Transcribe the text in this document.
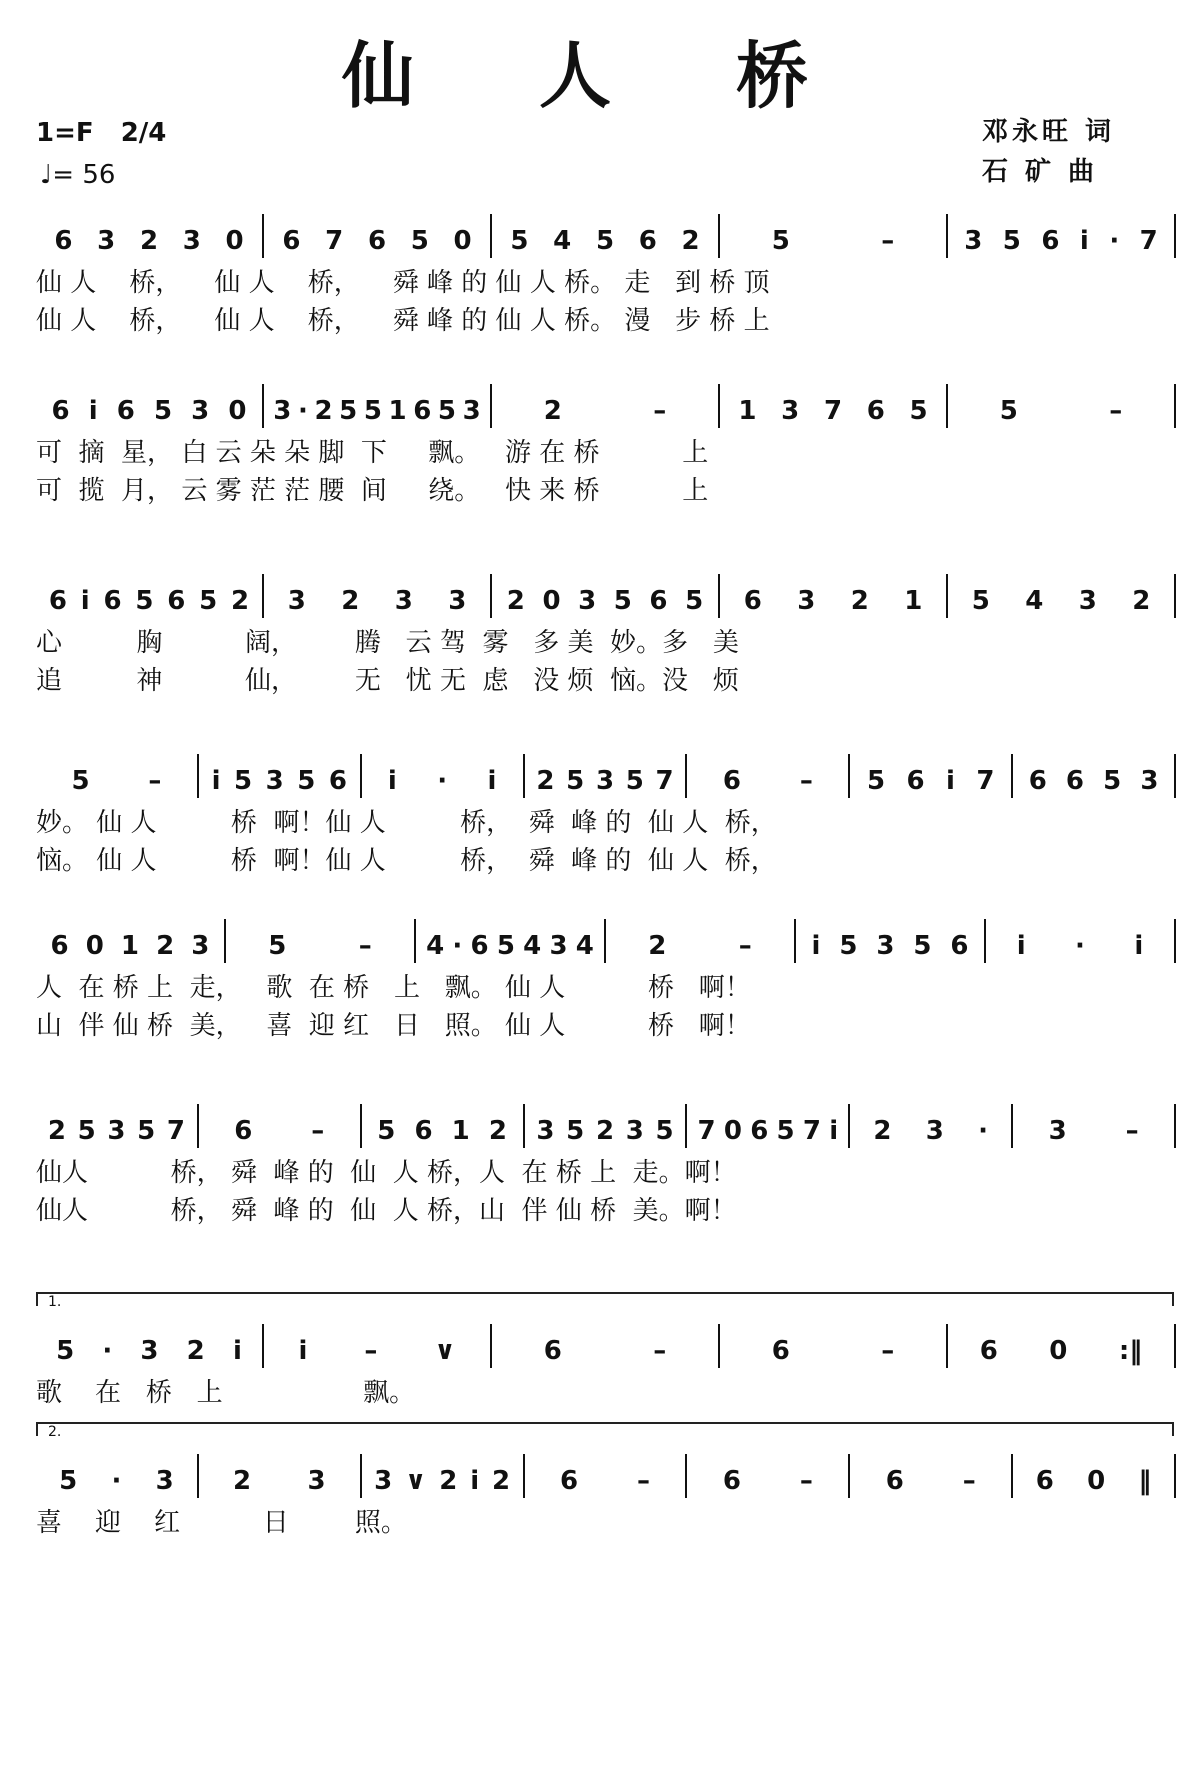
仙 人 桥
1=F 2/4
♩= 56
邓永旺 词
石 矿 曲
6 3 2 3 0 6 7 6 5 0 5 4 5 6 2	5	–	3 5 6 i · 7
仙 人    桥，    仙 人    桥，    舜 峰 的 仙 人 桥。 走   到 桥 顶
仙 人    桥，    仙 人    桥，    舜 峰 的 仙 人 桥。 漫   步 桥 上
6 i 6 5 3 0 3 · 2 5 5 1 6 5 3 2	–	1 3 7 6 5	5	–
可  摘  星， 白 云 朵 朵 脚  下     飘。   游 在 桥          上
可  揽  月， 云 雾 茫 茫 腰  间     绕。   快 来 桥          上
6 i 6 5 6 5 2 3 2 3 3 2 0 3 5 6 5 6 3 2 1 5 4 3 2
心         胸          阔，       腾   云 驾  雾   多 美  妙。多   美
追         神          仙，       无   忧 无  虑   没 烦  恼。没   烦
5 – i 5 3 5 6 i · i 2 5 3 5 7 6 – 5 6 i 7 6 6 5 3
妙。 仙 人         桥  啊！仙 人         桥，  舜  峰 的  仙 人  桥，
恼。 仙 人         桥  啊！仙 人         桥，  舜  峰 的  仙 人  桥，
6 0 1 2 3 5	– 4 · 6 5 4 3 4 2	– i 5 3 5 6 i · i
人  在 桥 上  走，   歌  在 桥   上   飘。 仙 人          桥   啊！
山  伴 仙 桥  美，   喜  迎 红   日   照。 仙 人          桥   啊！
2 5 3 5 7 6 – 5 6 1 2 3 5 2 3 5 7 0 6 5 7 i 2 3 · 3 –
仙人          桥， 舜  峰 的  仙  人 桥，人  在 桥 上  走。啊！
仙人          桥， 舜  峰 的  仙  人 桥，山  伴 仙 桥  美。啊！
1.
5 · 3 2 i i – ∨	6	–	6	–	6 0 :‖
歌    在   桥   上                 飘。
2.
5 · 3 2 3 3 ∨ 2 i 2 6 –	6 –	6 – 6 0 ‖
喜    迎    红          日        照。
